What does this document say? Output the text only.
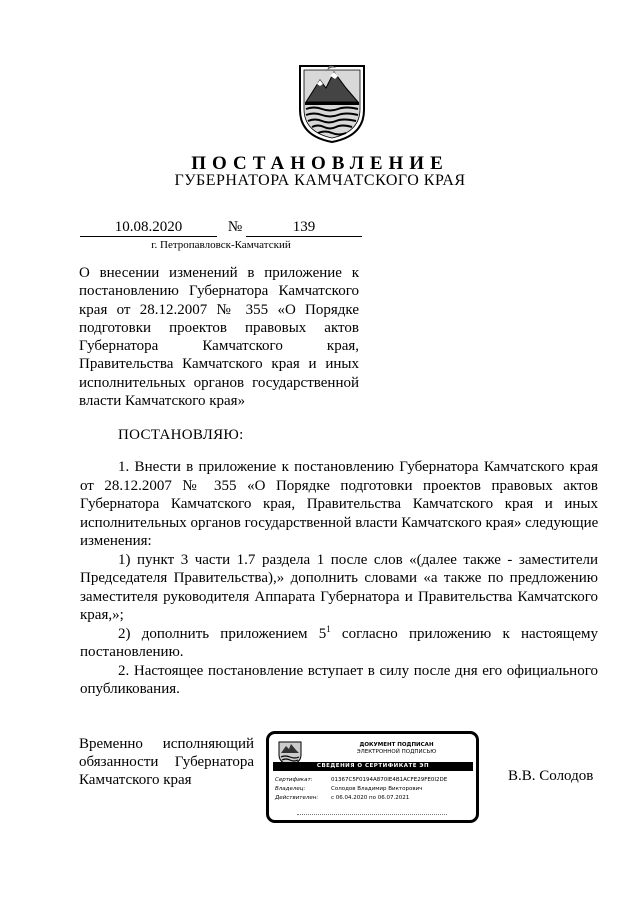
ПОСТАНОВЛЕНИЕ
ГУБЕРНАТОРА КАМЧАТСКОГО КРАЯ
10.08.2020	№	139
г. Петропавловск-Камчатский
О внесении изменений в приложение к
постановлению Губернатора Камчатского
края от 28.12.2007 № 355 «О Порядке
подготовки проектов правовых актов
Губернатора Камчатского края,
Правительства Камчатского края и иных
исполнительных органов государственной
власти Камчатского края»
ПОСТАНОВЛЯЮ:
1. Внести в приложение к постановлению Губернатора Камчатского края
от 28.12.2007 № 355 «О Порядке подготовки проектов правовых актов
Губернатора Камчатского края, Правительства Камчатского края и иных
исполнительных органов государственной власти Камчатского края» следующие
изменения:
1) пункт 3 части 1.7 раздела 1 после слов «(далее также - заместители
Председателя Правительства),» дополнить словами «а также по предложению
заместителя руководителя Аппарата Губернатора и Правительства Камчатского
края,»;
2) дополнить приложением $5^1$ согласно приложению к настоящему
постановлению.
2. Настоящее постановление вступает в силу после дня его официального
опубликования.
Временно исполняющий
обязанности Губернатора
Камчатского края
ДОКУМЕНТ ПОДПИСАН
ЭЛЕКТРОННОЙ ПОДПИСЬЮ
СВЕДЕНИЯ О СЕРТИФИКАТЕ ЭП
Сертификат:	01367C5F0194A870IE4B1ACFE29FE0I2DE
Владелец:	Солодов Владимир Викторович
Действителен: с 06.04.2020 по 06.07.2021
В.В. Солодов
